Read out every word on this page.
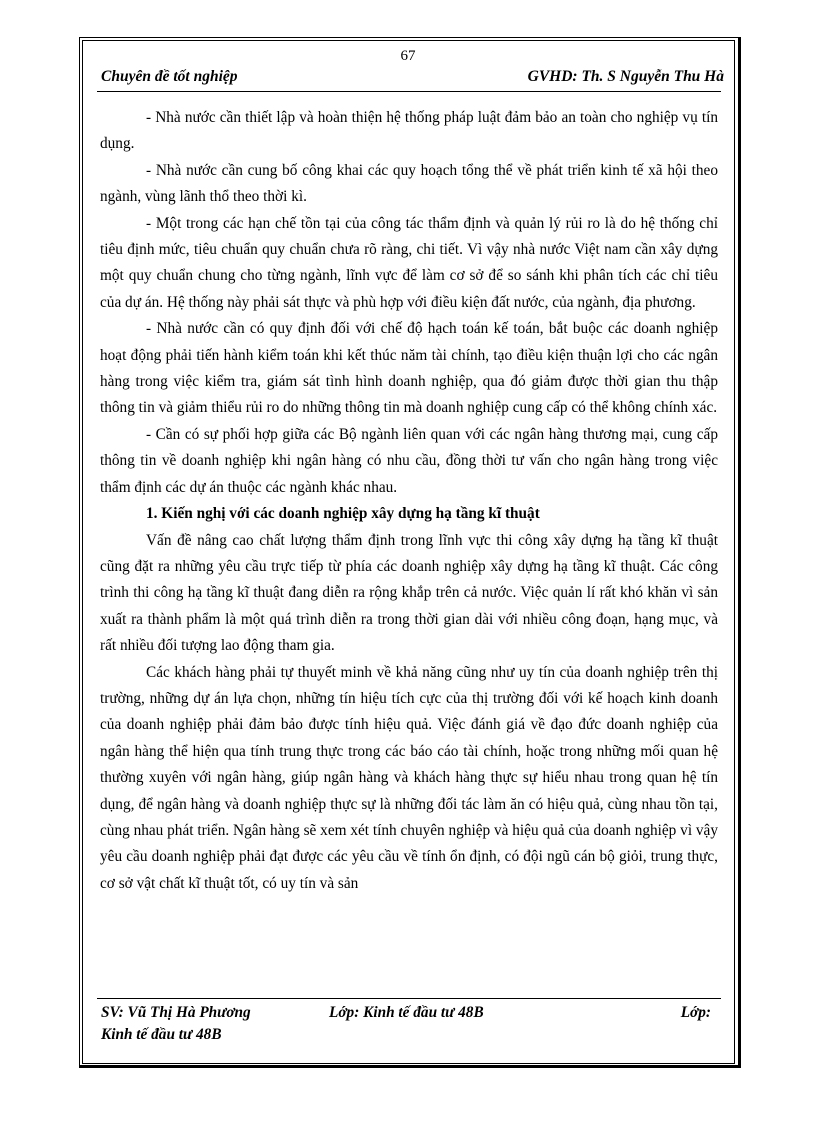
67
Chuyên đề tốt nghiệp	GVHD: Th. S Nguyễn Thu Hà

- Nhà nước cần thiết lập và hoàn thiện hệ thống pháp luật đảm bảo an toàn cho nghiệp vụ tín dụng.

- Nhà nước cần cung bố công khai các quy hoạch tổng thể về phát triển kinh tế xã hội theo ngành, vùng lãnh thổ theo thời kì.

- Một trong các hạn chế tồn tại của công tác thẩm định và quản lý rủi ro là do hệ thống chỉ tiêu định mức, tiêu chuẩn quy chuẩn chưa rõ ràng, chi tiết. Vì vậy nhà nước Việt nam cần xây dựng một quy chuẩn chung cho từng ngành, lĩnh vực để làm cơ sở để so sánh khi phân tích các chỉ tiêu của dự án. Hệ thống này phải sát thực và phù hợp với điều kiện đất nước, của ngành, địa phương.

- Nhà nước cần có quy định đối với chế độ hạch toán kế toán, bắt buộc các doanh nghiệp hoạt động phải tiến hành kiểm toán khi kết thúc năm tài chính, tạo điều kiện thuận lợi cho các ngân hàng trong việc kiểm tra, giám sát tình hình doanh nghiệp, qua đó giảm được thời gian thu thập thông tin và giảm thiểu rủi ro do những thông tin mà doanh nghiệp cung cấp có thể không chính xác.

- Cần có sự phối hợp giữa các Bộ ngành liên quan với các ngân hàng thương mại, cung cấp thông tin về doanh nghiệp khi ngân hàng có nhu cầu, đồng thời tư vấn cho ngân hàng trong việc thẩm định các dự án thuộc các ngành khác nhau.

1. Kiến nghị với các doanh nghiệp xây dựng hạ tầng kĩ thuật

Vấn đề nâng cao chất lượng thẩm định trong lĩnh vực thi công xây dựng hạ tầng kĩ thuật cũng đặt ra những yêu cầu trực tiếp từ phía các doanh nghiệp xây dựng hạ tầng kĩ thuật. Các công trình thi công hạ tầng kĩ thuật đang diễn ra rộng khắp trên cả nước. Việc quản lí rất khó khăn vì sản xuất ra thành phẩm là một quá trình diễn ra trong thời gian dài với nhiều công đoạn, hạng mục, và rất nhiều đối tượng lao động tham gia.

Các khách hàng phải tự thuyết minh về khả năng cũng như uy tín của doanh nghiệp trên thị trường, những dự án lựa chọn, những tín hiệu tích cực của thị trường đối với kế hoạch kinh doanh của doanh nghiệp phải đảm bảo được tính hiệu quả. Việc đánh giá về đạo đức doanh nghiệp của ngân hàng thể hiện qua tính trung thực trong các báo cáo tài chính, hoặc trong những mối quan hệ thường xuyên với ngân hàng, giúp ngân hàng và khách hàng thực sự hiểu nhau trong quan hệ tín dụng, để ngân hàng và doanh nghiệp thực sự là những đối tác làm ăn có hiệu quả, cùng nhau tồn tại, cùng nhau phát triển. Ngân hàng sẽ xem xét tính chuyên nghiệp và hiệu quả của doanh nghiệp vì vậy yêu cầu doanh nghiệp phải đạt được các yêu cầu về tính ổn định, có đội ngũ cán bộ giỏi, trung thực, cơ sở vật chất kĩ thuật tốt, có uy tín và sản

SV: Vũ Thị Hà Phương	Lớp: Kinh tế đầu tư 48B	Lớp:
Kinh tế đầu tư 48B
